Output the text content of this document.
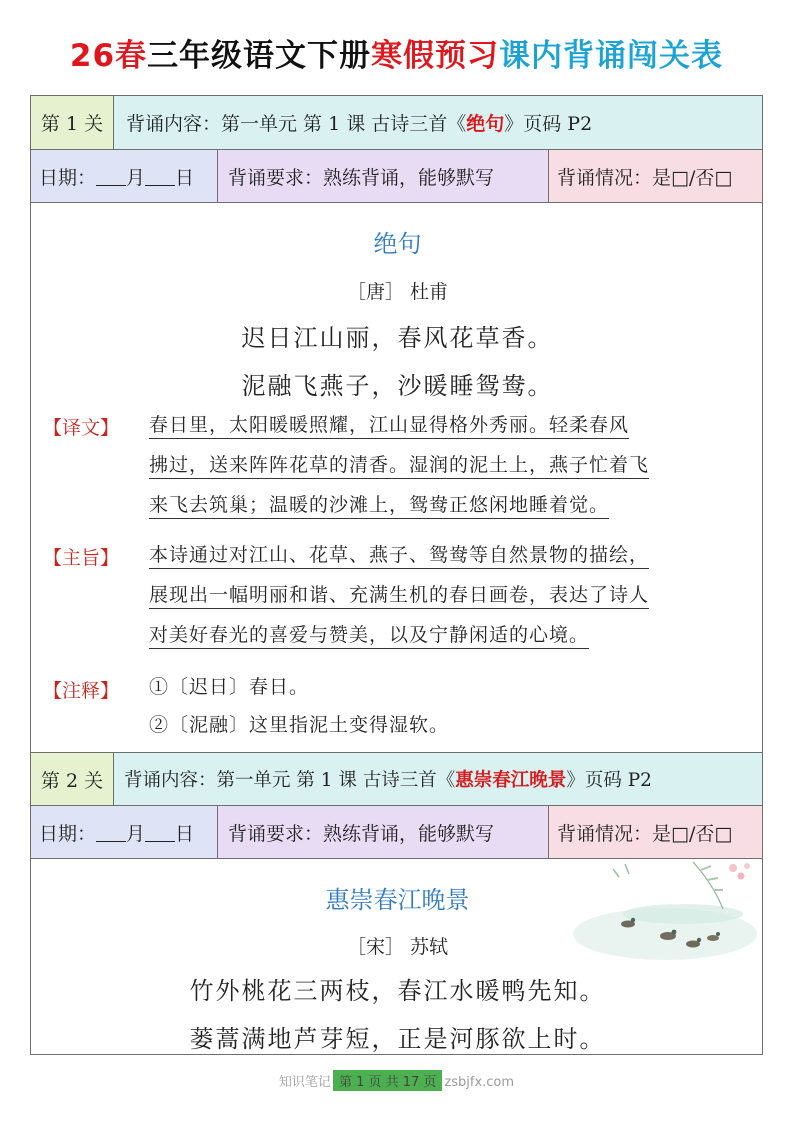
26春三年级语文下册寒假预习课内背诵闯关表
第 1 关	背诵内容：第一单元 第 1 课 古诗三首《 绝句 》页码 P2
日期： 月 日	背诵要求：熟练背诵，能够默写	背诵情况：是□/否□
绝句
［唐］ 杜甫
迟日江山丽，春风花草香。
泥融飞燕子，沙暖睡鸳鸯。
【译文】 春日里，太阳暖暖照耀，江山显得格外秀丽。轻柔春风
拂过，送来阵阵花草的清香。湿润的泥土上，燕子忙着飞
来飞去筑巢；温暖的沙滩上，鸳鸯正悠闲地睡着觉。
【主旨】 本诗通过对江山、花草、燕子、鸳鸯等自然景物的描绘，
展现出一幅明丽和谐、充满生机的春日画卷，表达了诗人
对美好春光的喜爱与赞美，以及宁静闲适的心境。
【注释】 ①〔迟日〕春日。
②〔泥融〕这里指泥土变得湿软。
第 2 关	背诵内容：第一单元 第 1 课 古诗三首《 惠崇春江晚景 》页码 P2
日期： 月 日	背诵要求：熟练背诵，能够默写	背诵情况：是□/否□
惠崇春江晚景
［宋］ 苏轼
竹外桃花三两枝，春江水暖鸭先知。
蒌蒿满地芦芽短，正是河豚欲上时。
知识笔记 第 1 页 共 17 页 zsbjfx.com
